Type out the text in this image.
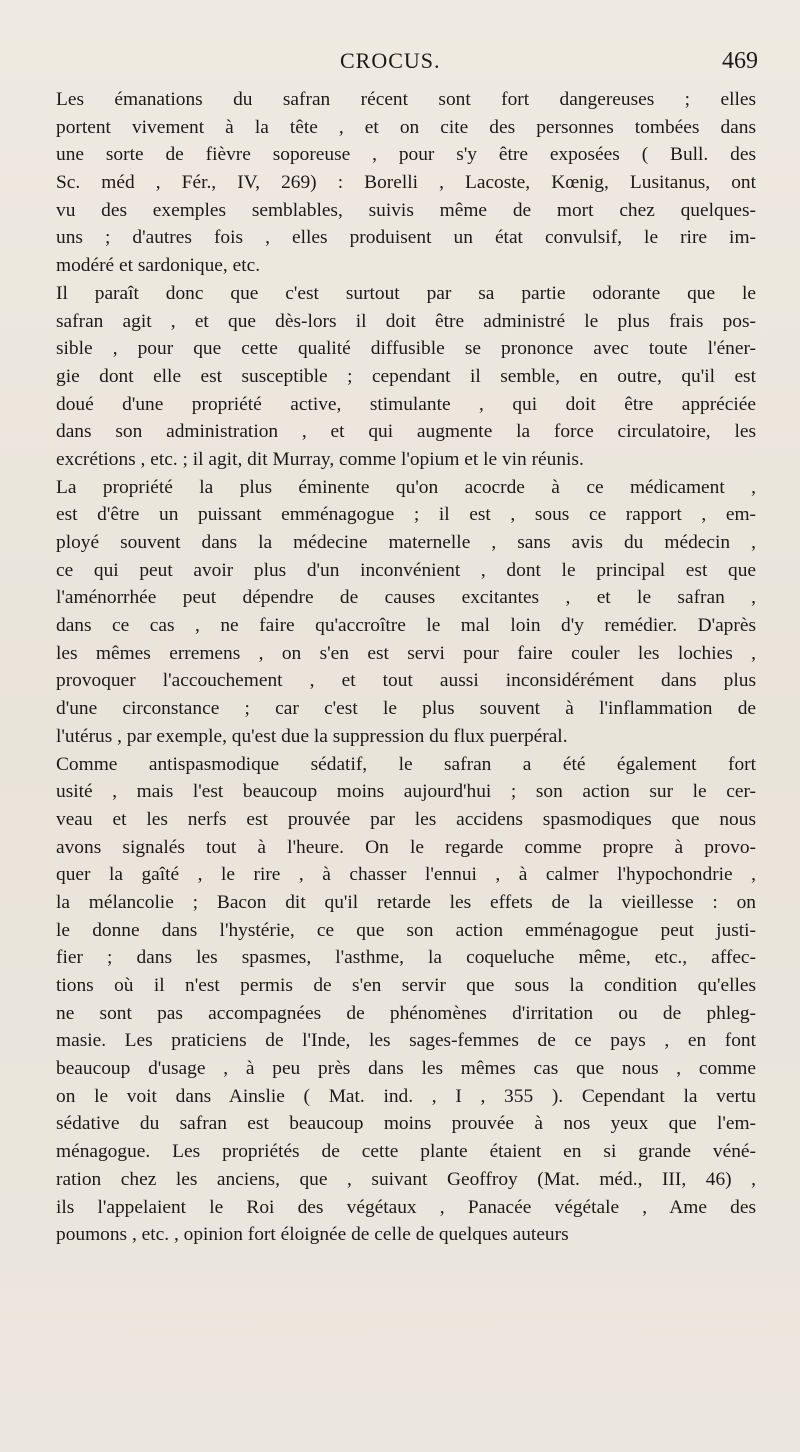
CROCUS.	469
Les émanations du safran récent sont fort dangereuses ; elles
portent vivement à la tête , et on cite des personnes tombées dans
une sorte de fièvre soporeuse , pour s'y être exposées ( Bull. des
Sc. méd , Fér., IV, 269) : Borelli , Lacoste, Kœnig, Lusitanus, ont
vu des exemples semblables, suivis même de mort chez quelques-
uns ; d'autres fois , elles produisent un état convulsif, le rire im-
modéré et sardonique, etc.
Il paraît donc que c'est surtout par sa partie odorante que le
safran agit , et que dès-lors il doit être administré le plus frais pos-
sible , pour que cette qualité diffusible se prononce avec toute l'éner-
gie dont elle est susceptible ; cependant il semble, en outre, qu'il est
doué d'une propriété active, stimulante , qui doit être appréciée
dans son administration , et qui augmente la force circulatoire, les
excrétions , etc. ; il agit, dit Murray, comme l'opium et le vin réunis.
La propriété la plus éminente qu'on acocrde à ce médicament ,
est d'être un puissant emménagogue ; il est , sous ce rapport , em-
ployé souvent dans la médecine maternelle , sans avis du médecin ,
ce qui peut avoir plus d'un inconvénient , dont le principal est que
l'aménorrhée peut dépendre de causes excitantes , et le safran ,
dans ce cas , ne faire qu'accroître le mal loin d'y remédier. D'après
les mêmes erremens , on s'en est servi pour faire couler les lochies ,
provoquer l'accouchement , et tout aussi inconsidérément dans plus
d'une circonstance ; car c'est le plus souvent à l'inflammation de
l'utérus , par exemple, qu'est due la suppression du flux puerpéral.
Comme antispasmodique sédatif, le safran a été également fort
usité , mais l'est beaucoup moins aujourd'hui ; son action sur le cer-
veau et les nerfs est prouvée par les accidens spasmodiques que nous
avons signalés tout à l'heure. On le regarde comme propre à provo-
quer la gaîté , le rire , à chasser l'ennui , à calmer l'hypochondrie ,
la mélancolie ; Bacon dit qu'il retarde les effets de la vieillesse : on
le donne dans l'hystérie, ce que son action emménagogue peut justi-
fier ; dans les spasmes, l'asthme, la coqueluche même, etc., affec-
tions où il n'est permis de s'en servir que sous la condition qu'elles
ne sont pas accompagnées de phénomènes d'irritation ou de phleg-
masie. Les praticiens de l'Inde, les sages-femmes de ce pays , en font
beaucoup d'usage , à peu près dans les mêmes cas que nous , comme
on le voit dans Ainslie ( Mat. ind. , I , 355 ). Cependant la vertu
sédative du safran est beaucoup moins prouvée à nos yeux que l'em-
ménagogue. Les propriétés de cette plante étaient en si grande véné-
ration chez les anciens, que , suivant Geoffroy (Mat. méd., III, 46) ,
ils l'appelaient le Roi des végétaux , Panacée végétale , Ame des
poumons , etc. , opinion fort éloignée de celle de quelques auteurs
